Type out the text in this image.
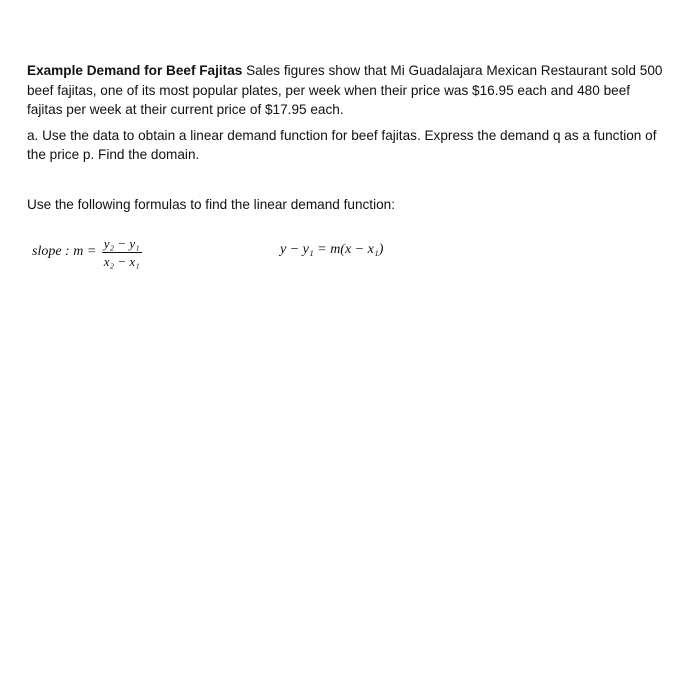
Example Demand for Beef Fajitas Sales figures show that Mi Guadalajara Mexican Restaurant sold 500 beef fajitas, one of its most popular plates, per week when their price was $16.95 each and 480 beef fajitas per week at their current price of $17.95 each.

a. Use the data to obtain a linear demand function for beef fajitas. Express the demand q as a function of the price p. Find the domain.

Use the following formulas to find the linear demand function:

slope : $m = \frac{\text{y₂ − y₁}}{\text{x₂ − x₁}}$	y − y₁ = m(x − x₁)
